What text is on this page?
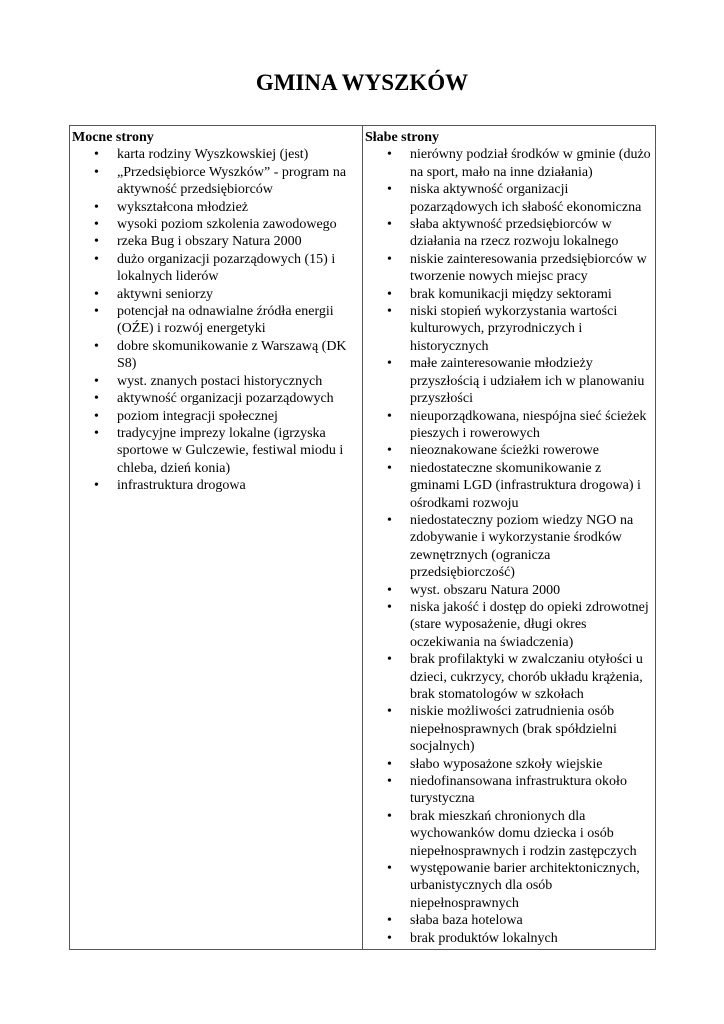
GMINA WYSZKÓW

Mocne strony

• karta rodziny Wyszkowskiej (jest)
• „Przedsiębiorce Wyszków” - program na aktywność przedsiębiorców
• wykształcona młodzież
• wysoki poziom szkolenia zawodowego
• rzeka Bug i obszary Natura 2000
• dużo organizacji pozarządowych (15) i lokalnych liderów
• aktywni seniorzy
• potencjał na odnawialne źródła energii (OŹE) i rozwój energetyki
• dobre skomunikowanie z Warszawą (DK S8)
• wyst. znanych postaci historycznych
• aktywność organizacji pozarządowych
• poziom integracji społecznej
• tradycyjne imprezy lokalne (igrzyska sportowe w Gulczewie, festiwal miodu i chleba, dzień konia)
• infrastruktura drogowa

Słabe strony

• nierówny podział środków w gminie (dużo na sport, mało na inne działania)
• niska aktywność organizacji pozarządowych ich słabość ekonomiczna
• słaba aktywność przedsiębiorców w działania na rzecz rozwoju lokalnego
• niskie zainteresowania przedsiębiorców w tworzenie nowych miejsc pracy
• brak komunikacji między sektorami
• niski stopień wykorzystania wartości kulturowych, przyrodniczych i historycznych
• małe zainteresowanie młodzieży przyszłością i udziałem ich w planowaniu przyszłości
• nieuporządkowana, niespójna sieć ścieżek pieszych i rowerowych
• nieoznakowane ścieżki rowerowe
• niedostateczne skomunikowanie z gminami LGD (infrastruktura drogowa) i ośrodkami rozwoju
• niedostateczny poziom wiedzy NGO na zdobywanie i wykorzystanie środków zewnętrznych (ogranicza przedsiębiorczość)
• wyst. obszaru Natura 2000
• niska jakość i dostęp do opieki zdrowotnej (stare wyposażenie, długi okres oczekiwania na świadczenia)
• brak profilaktyki w zwalczaniu otyłości u dzieci, cukrzycy, chorób układu krążenia, brak stomatologów w szkołach
• niskie możliwości zatrudnienia osób niepełnosprawnych (brak spółdzielni socjalnych)
• słabo wyposażone szkoły wiejskie
• niedofinansowana infrastruktura około turystyczna
• brak mieszkań chronionych dla wychowanków domu dziecka i osób niepełnosprawnych i rodzin zastępczych
• występowanie barier architektonicznych, urbanistycznych dla osób niepełnosprawnych
• słaba baza hotelowa
• brak produktów lokalnych
